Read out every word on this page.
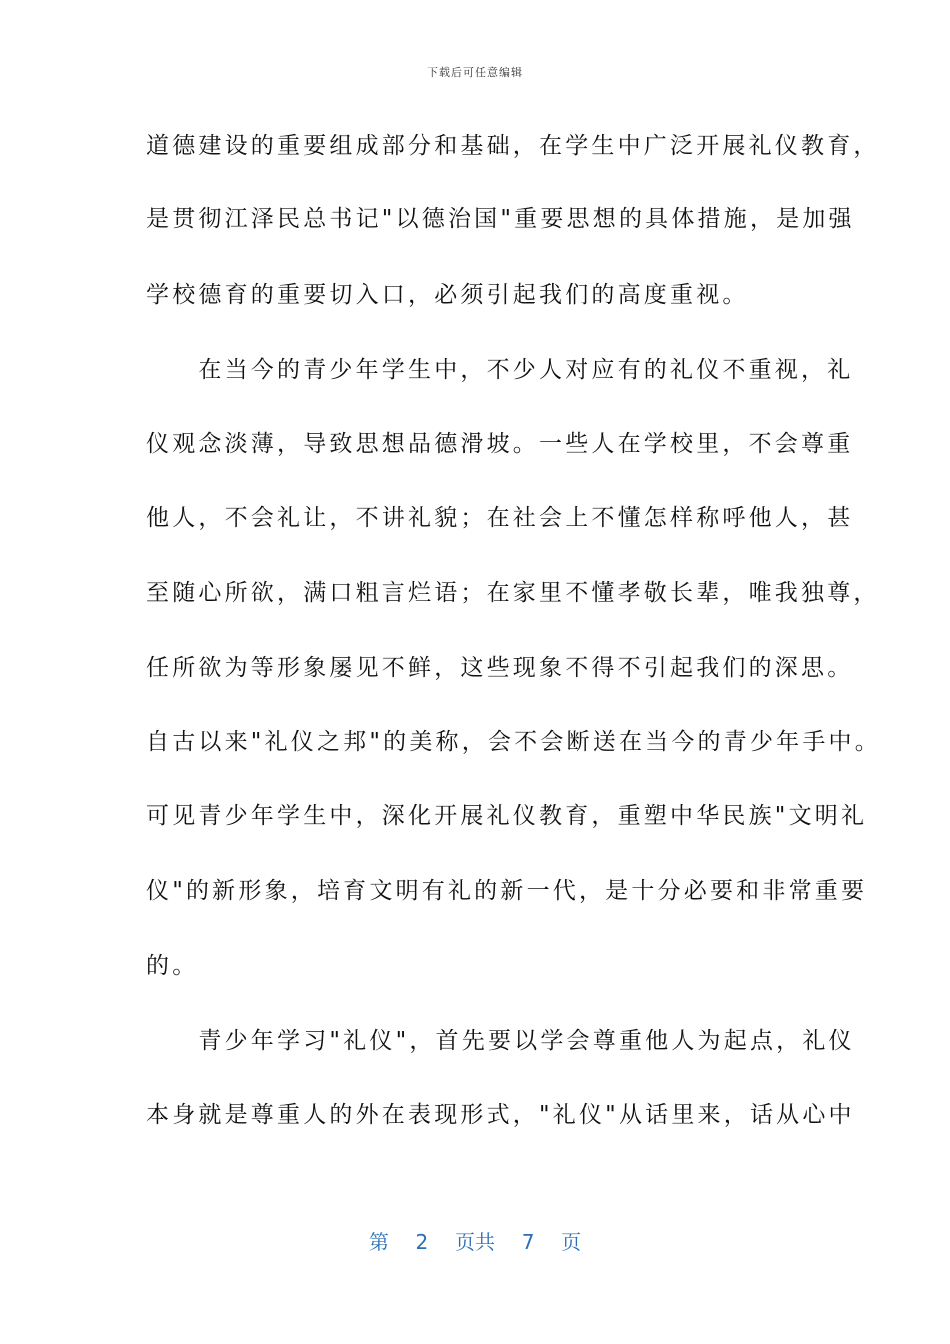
下载后可任意编辑
道德建设的重要组成部分和基础，在学生中广泛开展礼仪教育，
是贯彻江泽民总书记"以德治国"重要思想的具体措施，是加强
学校德育的重要切入口，必须引起我们的高度重视。
　　在当今的青少年学生中，不少人对应有的礼仪不重视，礼
仪观念淡薄，导致思想品德滑坡。一些人在学校里，不会尊重
他人，不会礼让，不讲礼貌；在社会上不懂怎样称呼他人，甚
至随心所欲，满口粗言烂语；在家里不懂孝敬长辈，唯我独尊，
任所欲为等形象屡见不鲜，这些现象不得不引起我们的深思。
自古以来"礼仪之邦"的美称，会不会断送在当今的青少年手中。
可见青少年学生中，深化开展礼仪教育，重塑中华民族"文明礼
仪"的新形象，培育文明有礼的新一代，是十分必要和非常重要
的。
　　青少年学习"礼仪"，首先要以学会尊重他人为起点，礼仪
本身就是尊重人的外在表现形式，"礼仪"从话里来，话从心中
第 2 页共 7 页
